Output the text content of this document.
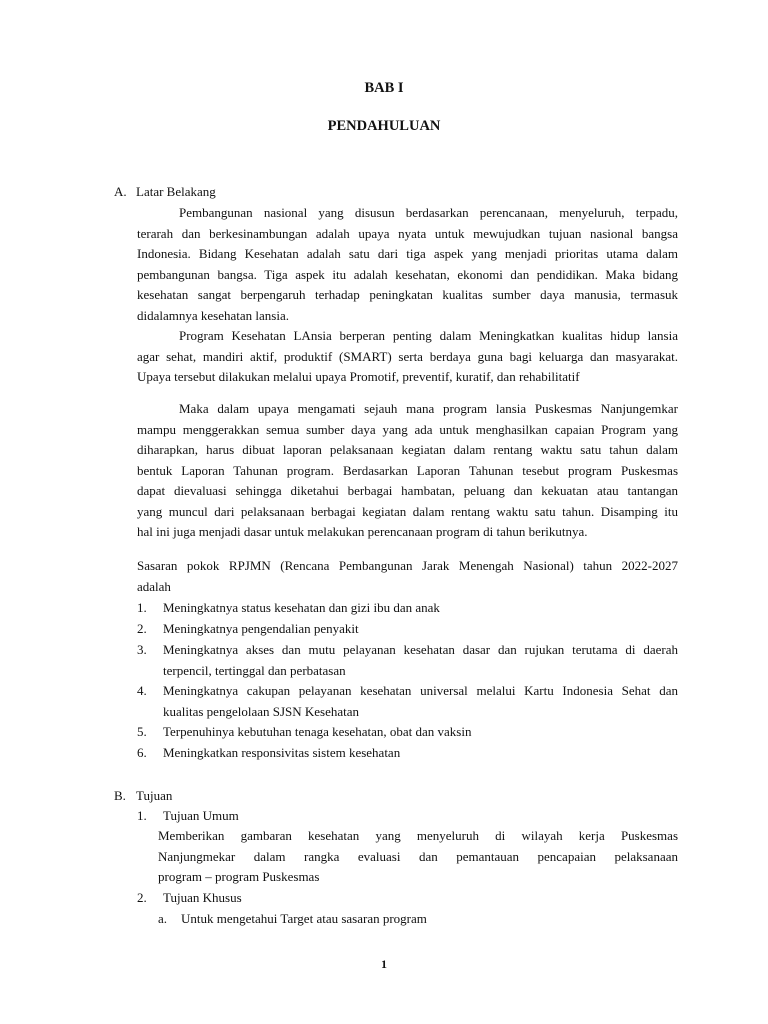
BAB I
PENDAHULUAN
A. Latar Belakang
Pembangunan nasional yang disusun berdasarkan perencanaan, menyeluruh, terpadu,
terarah dan berkesinambungan adalah upaya nyata untuk mewujudkan tujuan nasional bangsa
Indonesia. Bidang Kesehatan adalah satu dari tiga aspek yang menjadi prioritas utama dalam
pembangunan bangsa. Tiga aspek itu adalah kesehatan, ekonomi dan pendidikan. Maka bidang
kesehatan sangat berpengaruh terhadap peningkatan kualitas sumber daya manusia, termasuk
didalamnya kesehatan lansia.
Program Kesehatan LAnsia berperan penting dalam Meningkatkan kualitas hidup lansia
agar sehat, mandiri aktif, produktif (SMART) serta berdaya guna bagi keluarga dan masyarakat.
Upaya tersebut dilakukan melalui upaya Promotif, preventif, kuratif, dan rehabilitatif
Maka dalam upaya mengamati sejauh mana program lansia Puskesmas Nanjungemkar
mampu menggerakkan semua sumber daya yang ada untuk menghasilkan capaian Program yang
diharapkan, harus dibuat laporan pelaksanaan kegiatan dalam rentang waktu satu tahun dalam
bentuk Laporan Tahunan program. Berdasarkan Laporan Tahunan tesebut program Puskesmas
dapat dievaluasi sehingga diketahui berbagai hambatan, peluang dan kekuatan atau tantangan
yang muncul dari pelaksanaan berbagai kegiatan dalam rentang waktu satu tahun. Disamping itu
hal ini juga menjadi dasar untuk melakukan perencanaan program di tahun berikutnya.
Sasaran pokok RPJMN (Rencana Pembangunan Jarak Menengah Nasional) tahun 2022-2027
adalah
1.	Meningkatnya status kesehatan dan gizi ibu dan anak
2.	Meningkatnya pengendalian penyakit
3.	Meningkatnya akses dan mutu pelayanan kesehatan dasar dan rujukan terutama di daerah
terpencil, tertinggal dan perbatasan
4.	Meningkatnya cakupan pelayanan kesehatan universal melalui Kartu Indonesia Sehat dan
kualitas pengelolaan SJSN Kesehatan
5.	Terpenuhinya kebutuhan tenaga kesehatan, obat dan vaksin
6.	Meningkatkan responsivitas sistem kesehatan
B. Tujuan
1.	Tujuan Umum
Memberikan gambaran kesehatan yang menyeluruh di wilayah kerja Puskesmas
Nanjungmekar dalam rangka evaluasi dan pemantauan pencapaian pelaksanaan
program – program Puskesmas
2.	Tujuan Khusus
a. Untuk mengetahui Target atau sasaran program
1
